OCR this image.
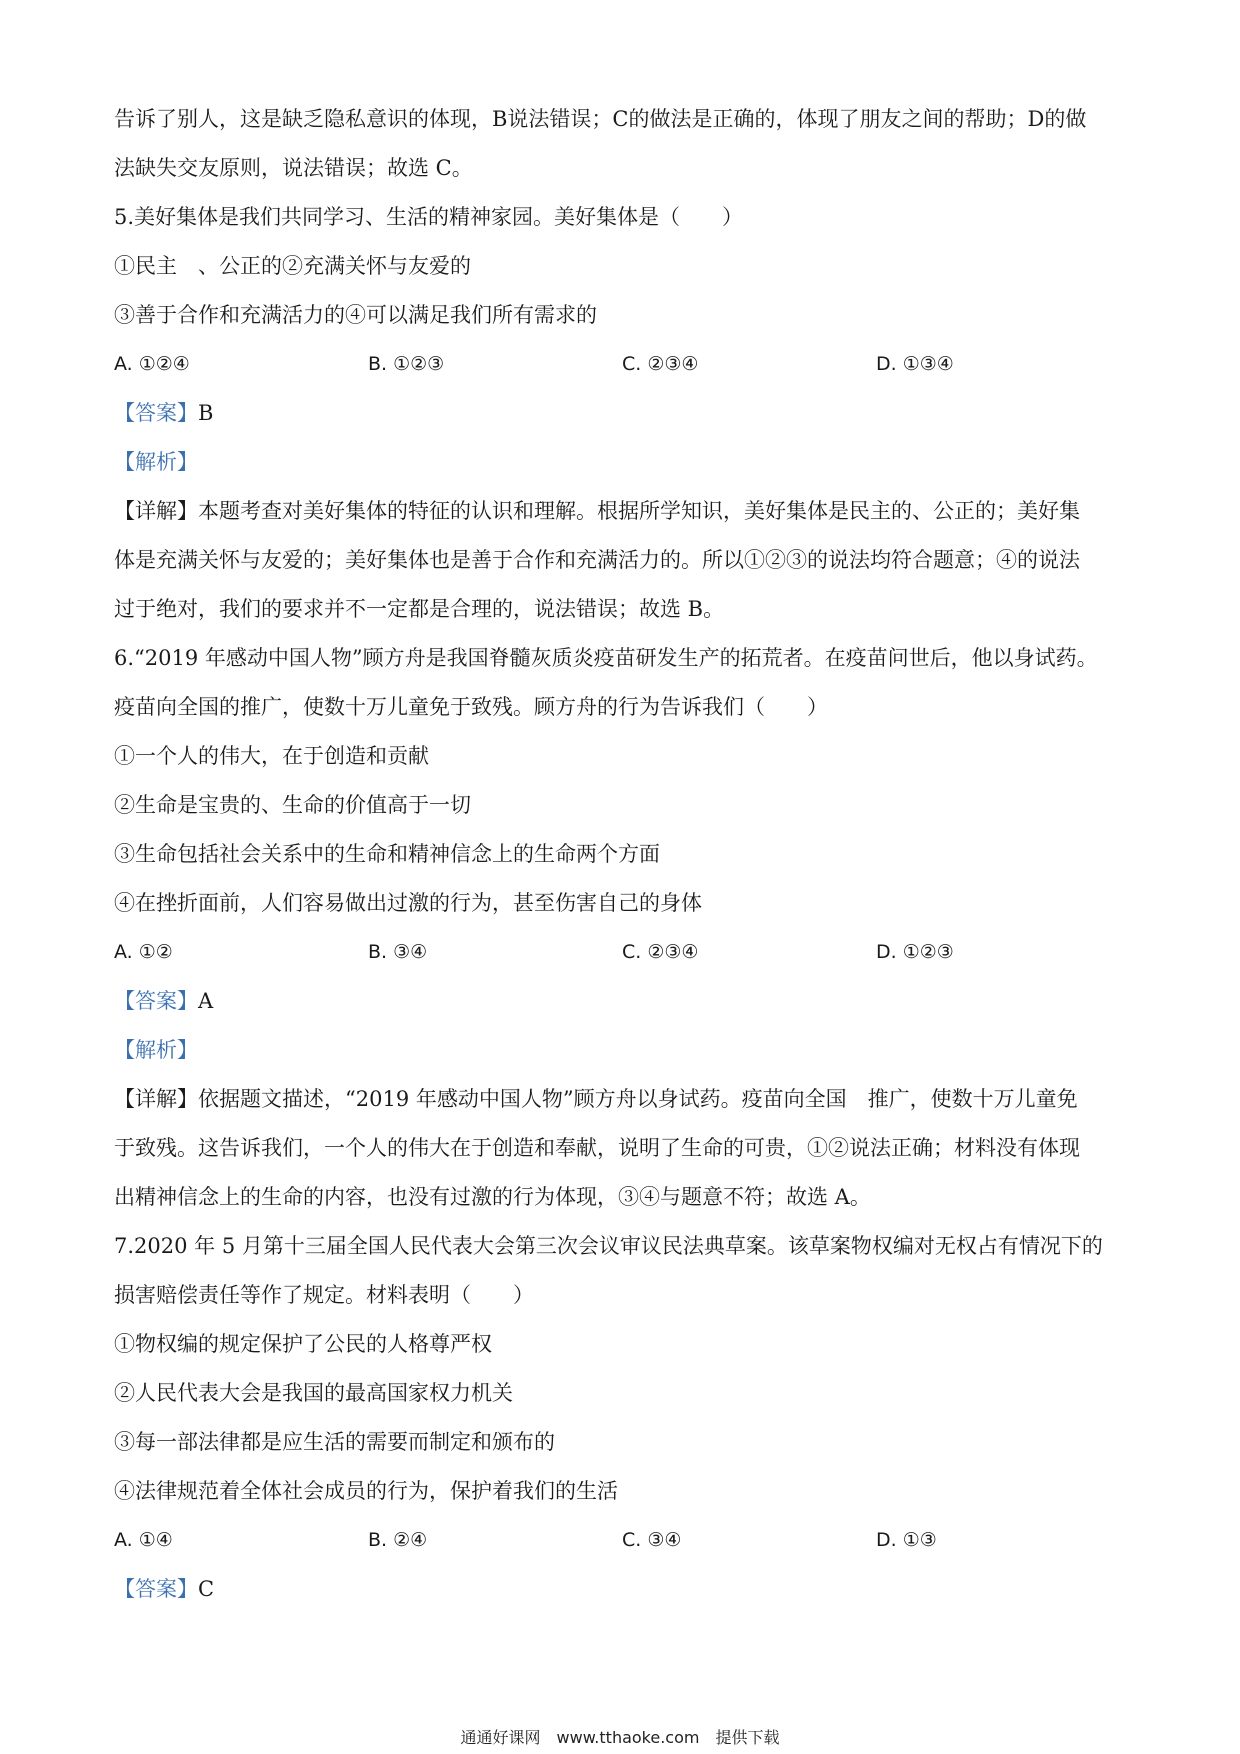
告诉了别人，这是缺乏隐私意识的体现，B说法错误；C的做法是正确的，体现了朋友之间的帮助；D的做
法缺失交友原则，说法错误；故选 C。
5.美好集体是我们共同学习、生活的精神家园。美好集体是（　　）
①民主　、公正的②充满关怀与友爱的
③善于合作和充满活力的④可以满足我们所有需求的
A. ①②④	B. ①②③	C. ②③④	D. ①③④
【答案】B
【解析】
【详解】本题考查对美好集体的特征的认识和理解。根据所学知识，美好集体是民主的、公正的；美好集
体是充满关怀与友爱的；美好集体也是善于合作和充满活力的。所以①②③的说法均符合题意；④的说法
过于绝对，我们的要求并不一定都是合理的，说法错误；故选 B。
6.“2019 年感动中国人物”顾方舟是我国脊髓灰质炎疫苗研发生产的拓荒者。在疫苗问世后，他以身试药。
疫苗向全国的推广，使数十万儿童免于致残。顾方舟的行为告诉我们（　　）
①一个人的伟大，在于创造和贡献
②生命是宝贵的、生命的价值高于一切
③生命包括社会关系中的生命和精神信念上的生命两个方面
④在挫折面前，人们容易做出过激的行为，甚至伤害自己的身体
A. ①②	B. ③④	C. ②③④	D. ①②③
【答案】A
【解析】
【详解】依据题文描述，“2019 年感动中国人物”顾方舟以身试药。疫苗向全国　推广，使数十万儿童免
于致残。这告诉我们，一个人的伟大在于创造和奉献，说明了生命的可贵，①②说法正确；材料没有体现
出精神信念上的生命的内容，也没有过激的行为体现，③④与题意不符；故选 A。
7.2020 年 5 月第十三届全国人民代表大会第三次会议审议民法典草案。该草案物权编对无权占有情况下的
损害赔偿责任等作了规定。材料表明（　　）
①物权编的规定保护了公民的人格尊严权
②人民代表大会是我国的最高国家权力机关
③每一部法律都是应生活的需要而制定和颁布的
④法律规范着全体社会成员的行为，保护着我们的生活
A. ①④	B. ②④	C. ③④	D. ①③
【答案】C
通通好课网　www.tthaoke.com　提供下载
